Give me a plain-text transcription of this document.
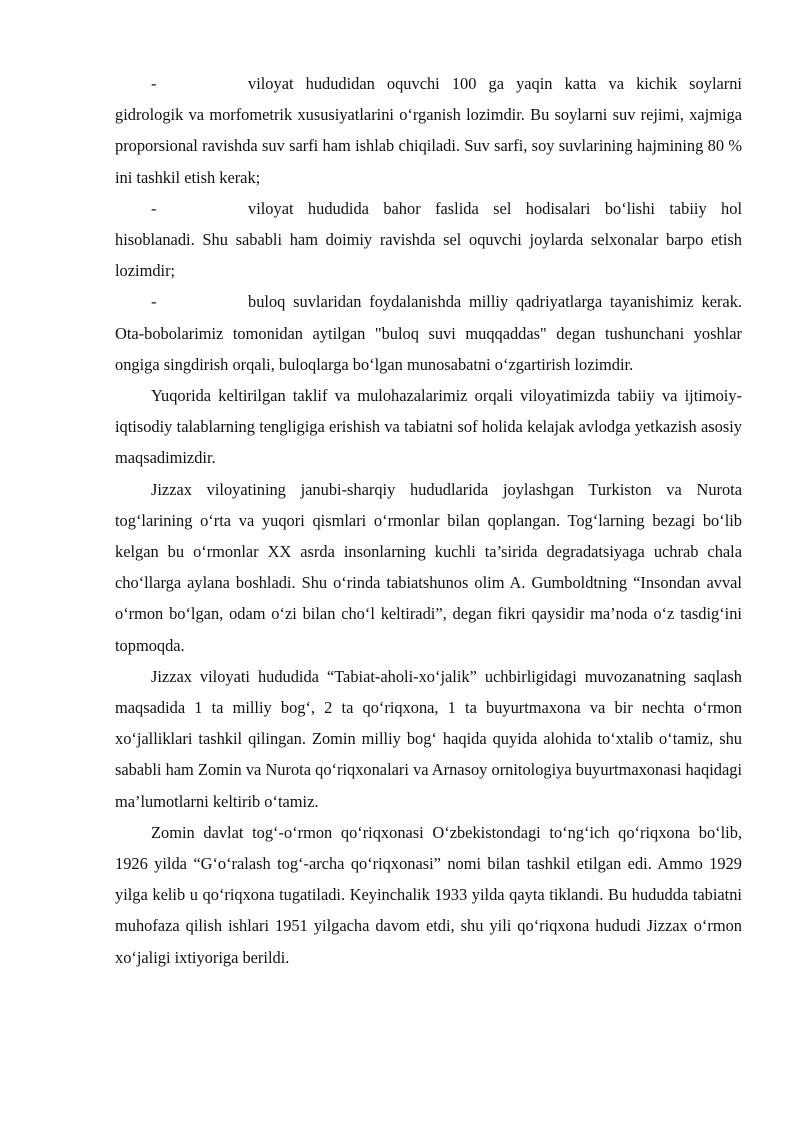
-	viloyat hududidan oquvchi 100 ga yaqin katta va kichik soylarni gidrologik va morfometrik xususiyatlarini o‘rganish lozimdir. Bu soylarni suv rejimi, xajmiga proporsional ravishda suv sarfi ham ishlab chiqiladi. Suv sarfi, soy suvlarining hajmining 80 % ini tashkil etish kerak;

-	viloyat hududida bahor faslida sel hodisalari bo‘lishi tabiiy hol hisoblanadi. Shu sababli ham doimiy ravishda sel oquvchi joylarda selxonalar barpo etish lozimdir;

-	buloq suvlaridan foydalanishda milliy qadriyatlarga tayanishimiz kerak. Ota-bobolarimiz tomonidan aytilgan "buloq suvi muqqaddas" degan tushunchani yoshlar ongiga singdirish orqali, buloqlarga bo‘lgan munosabatni o‘zgartirish lozimdir.

Yuqorida keltirilgan taklif va mulohazalarimiz orqali viloyatimizda tabiiy va ijtimoiy-iqtisodiy talablarning tengligiga erishish va tabiatni sof holida kelajak avlodga yetkazish asosiy maqsadimizdir.

Jizzax viloyatining janubi-sharqiy hududlarida joylashgan Turkiston va Nurota tog‘larining o‘rta va yuqori qismlari o‘rmonlar bilan qoplangan. Tog‘larning bezagi bo‘lib kelgan bu o‘rmonlar XX asrda insonlarning kuchli ta’sirida degradatsiyaga uchrab chala cho‘llarga aylana boshladi. Shu o‘rinda tabiatshunos olim A. Gumboldtning “Insondan avval o‘rmon bo‘lgan, odam o‘zi bilan cho‘l keltiradi”, degan fikri qaysidir ma’noda o‘z tasdig‘ini topmoqda.

Jizzax viloyati hududida “Tabiat-aholi-xo‘jalik” uchbirligidagi muvozanatning saqlash maqsadida 1 ta milliy bog‘, 2 ta qo‘riqxona, 1 ta buyurtmaxona va bir nechta o‘rmon xo‘jalliklari tashkil qilingan. Zomin milliy bog‘ haqida quyida alohida to‘xtalib o‘tamiz, shu sababli ham Zomin va Nurota qo‘riqxonalari va Arnasoy ornitologiya buyurtmaxonasi haqidagi ma’lumotlarni keltirib o‘tamiz.

Zomin davlat tog‘-o‘rmon qo‘riqxonasi O‘zbekistondagi to‘ng‘ich qo‘riqxona bo‘lib, 1926 yilda “G‘o‘ralash tog‘-archa qo‘riqxonasi” nomi bilan tashkil etilgan edi. Ammo 1929 yilga kelib u qo‘riqxona tugatiladi. Keyinchalik 1933 yilda qayta tiklandi. Bu hududda tabiatni muhofaza qilish ishlari 1951 yilgacha davom etdi, shu yili qo‘riqxona hududi Jizzax o‘rmon xo‘jaligi ixtiyoriga berildi.
